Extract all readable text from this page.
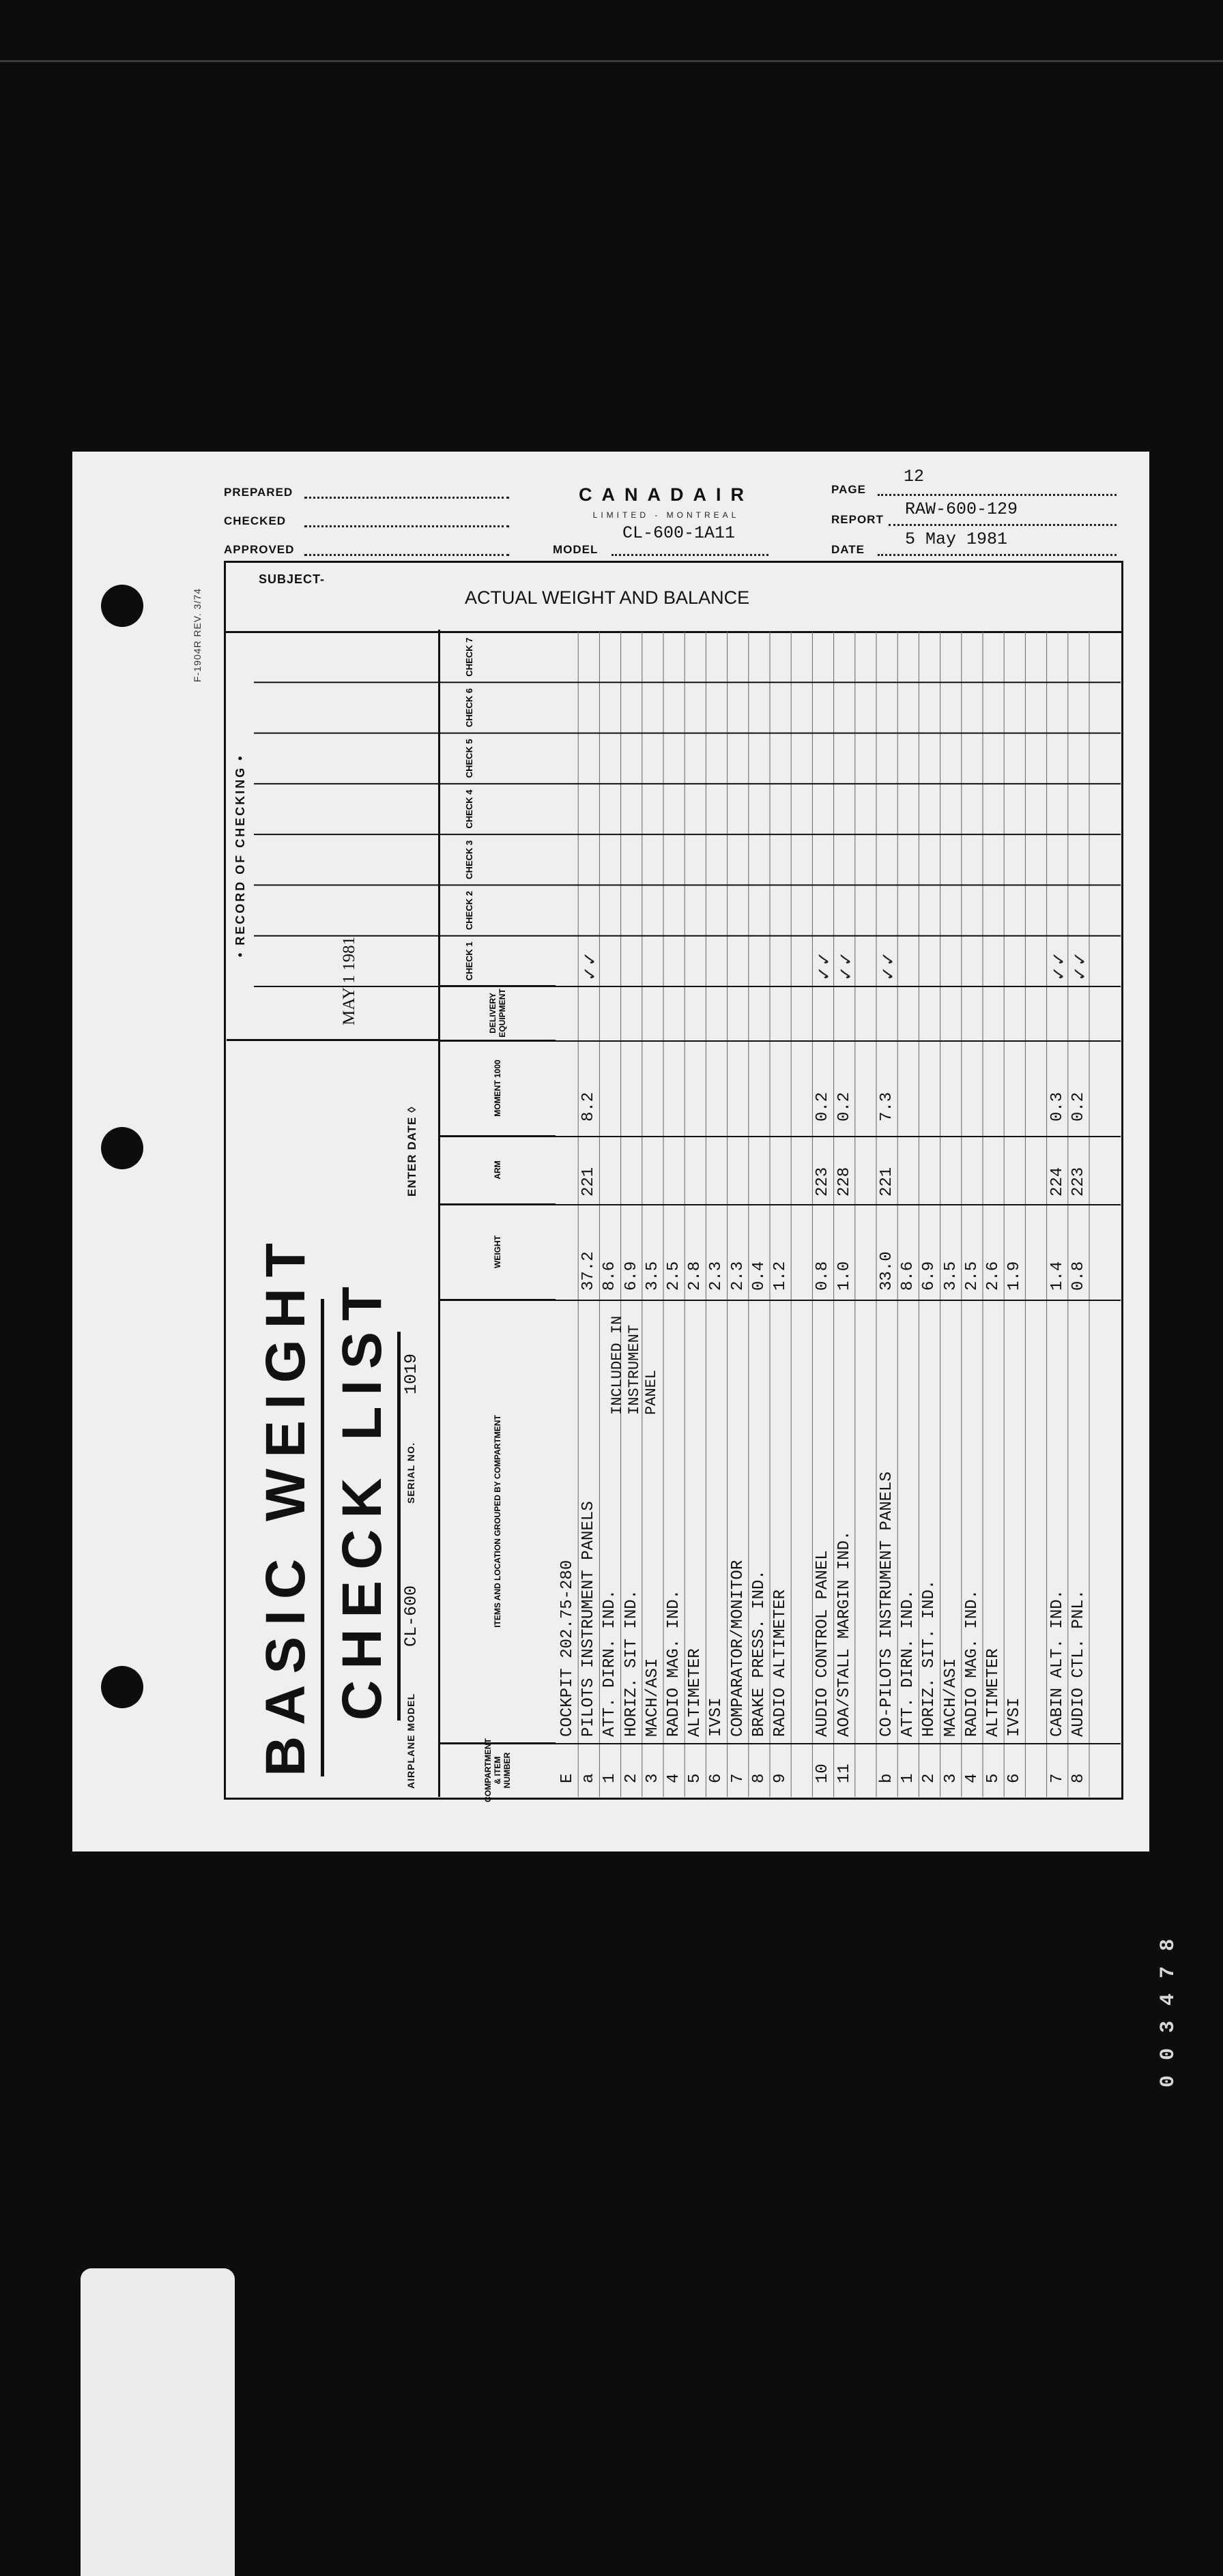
F-1904R REV. 3/74
PREPARED
CHECKED
APPROVED
CANADAIR
LIMITED - MONTREAL
CL-600-1A11
MODEL
PAGE
12
REPORT
RAW-600-129
DATE
5 May 1981
SUBJECT-
ACTUAL WEIGHT AND BALANCE
BASIC WEIGHT CHECK LIST
AIRPLANE MODEL
CL-600
SERIAL NO.
1019
ENTER DATE ◊
• RECORD OF CHECKING •
MAY 1 1981
COMPARTMENT & ITEM NUMBER
ITEMS AND LOCATION GROUPED BY COMPARTMENT
WEIGHT
ARM
MOMENT 1000
DELIVERY EQUIPMENT
CHECK 1
CHECK 2
CHECK 3
CHECK 4
CHECK 5
CHECK 6
CHECK 7
E
COCKPIT 202.75-280
a
PILOTS INSTRUMENT PANELS
37.2
221
8.2
✓✓
1
ATT. DIRN. IND.
8.6
2
HORIZ. SIT IND.
6.9
3
MACH/ASI
3.5
4
RADIO MAG. IND.
2.5
5
ALTIMETER
2.8
6
IVSI
2.3
7
COMPARATOR/MONITOR
2.3
8
BRAKE PRESS. IND.
0.4
9
RADIO ALTIMETER
1.2
10
AUDIO CONTROL PANEL
0.8
223
0.2
✓✓
11
AOA/STALL MARGIN IND.
1.0
228
0.2
✓✓
b
CO-PILOTS INSTRUMENT PANELS
33.0
221
7.3
✓✓
1
ATT. DIRN. IND.
8.6
2
HORIZ. SIT. IND.
6.9
3
MACH/ASI
3.5
4
RADIO MAG. IND.
2.5
5
ALTIMETER
2.6
6
IVSI
1.9
7
CABIN ALT. IND.
1.4
224
0.3
✓✓
8
AUDIO CTL. PNL.
0.8
223
0.2
✓✓
INCLUDED IN INSTRUMENT PANEL
003478
